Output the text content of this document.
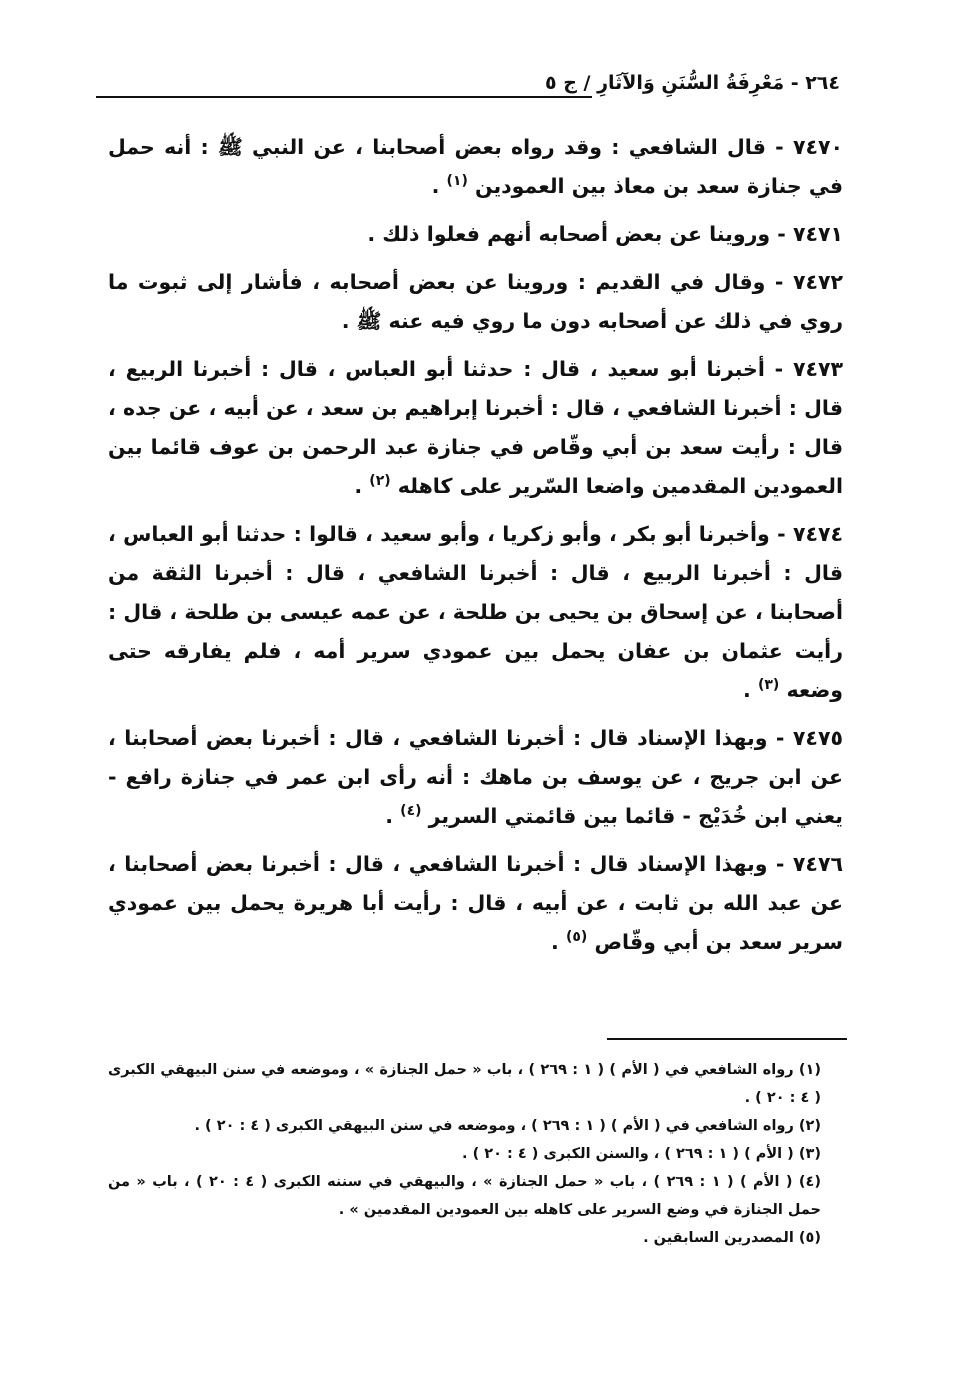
٢٦٤ - مَعْرِفَةُ السُّنَنِ وَالآثَارِ / ج ٥

٧٤٧٠ - قال الشافعي : وقد رواه بعض أصحابنا ، عن النبي ﷺ : أنه حمل في جنازة سعد بن معاذ بين العمودين $^{(١)}$ .

٧٤٧١ - وروينا عن بعض أصحابه أنهم فعلوا ذلك .

٧٤٧٢ - وقال في القديم : وروينا عن بعض أصحابه ، فأشار إلى ثبوت ما روي في ذلك عن أصحابه دون ما روي فيه عنه ﷺ .

٧٤٧٣ - أخبرنا أبو سعيد ، قال : حدثنا أبو العباس ، قال : أخبرنا الربيع ، قال : أخبرنا الشافعي ، قال : أخبرنا إبراهيم بن سعد ، عن أبيه ، عن جده ، قال : رأيت سعد بن أبي وقّاص في جنازة عبد الرحمن بن عوف قائما بين العمودين المقدمين واضعا السّرير على كاهله $^{(٢)}$ .

٧٤٧٤ - وأخبرنا أبو بكر ، وأبو زكريا ، وأبو سعيد ، قالوا : حدثنا أبو العباس ، قال : أخبرنا الربيع ، قال : أخبرنا الشافعي ، قال : أخبرنا الثقة من أصحابنا ، عن إسحاق بن يحيى بن طلحة ، عن عمه عيسى بن طلحة ، قال : رأيت عثمان بن عفان يحمل بين عمودي سرير أمه ، فلم يفارقه حتى وضعه $^{(٣)}$ .

٧٤٧٥ - وبهذا الإسناد قال : أخبرنا الشافعي ، قال : أخبرنا بعض أصحابنا ، عن ابن جريج ، عن يوسف بن ماهك : أنه رأى ابن عمر في جنازة رافع - يعني ابن خُدَيْج - قائما بين قائمتي السرير $^{(٤)}$ .

٧٤٧٦ - وبهذا الإسناد قال : أخبرنا الشافعي ، قال : أخبرنا بعض أصحابنا ، عن عبد الله بن ثابت ، عن أبيه ، قال : رأيت أبا هريرة يحمل بين عمودي سرير سعد بن أبي وقّاص $^{(٥)}$ .

(١) رواه الشافعي في ( الأم ) ( ١ : ٢٦٩ ) ، باب « حمل الجنازة » ، وموضعه في سنن البيهقي الكبرى ( ٤ : ٢٠ ) .

(٢) رواه الشافعي في ( الأم ) ( ١ : ٢٦٩ ) ، وموضعه في سنن البيهقي الكبرى ( ٤ : ٢٠ ) .

(٣) ( الأم ) ( ١ : ٢٦٩ ) ، والسنن الكبرى ( ٤ : ٢٠ ) .

(٤) ( الأم ) ( ١ : ٢٦٩ ) ، باب « حمل الجنازة » ، والبيهقي في سننه الكبرى ( ٤ : ٢٠ ) ، باب « من حمل الجنازة في وضع السرير على كاهله بين العمودين المقدمين » .

(٥) المصدرين السابقين .
